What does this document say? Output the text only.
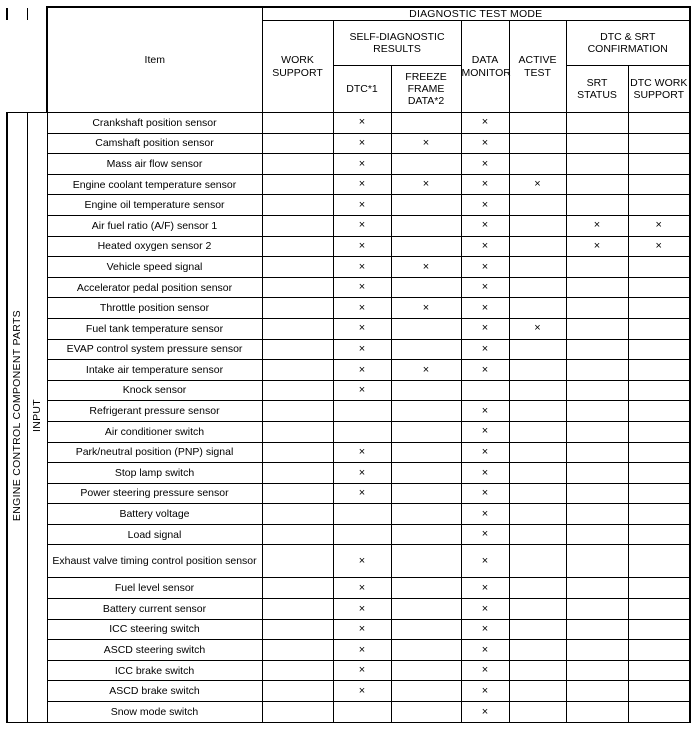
		Item	DIAGNOSTIC TEST MODE						
			WORK SUPPORT	SELF-DIAGNOSTIC RESULTS		DATA MONITOR	ACTIVE TEST	DTC & SRT CONFIRMATION	
				DTC*1	FREEZE FRAME DATA*2			SRT STATUS	DTC WORK SUPPORT
ENGINE CONTROL COMPONENT PARTS	INPUT	Crankshaft position sensor		×		×			
		Camshaft position sensor		×	×	×			
		Mass air flow sensor		×		×			
		Engine coolant temperature sensor		×	×	×	×		
		Engine oil temperature sensor		×		×			
		Air fuel ratio (A/F) sensor 1		×		×		×	×
		Heated oxygen sensor 2		×		×		×	×
		Vehicle speed signal		×	×	×			
		Accelerator pedal position sensor		×		×			
		Throttle position sensor		×	×	×			
		Fuel tank temperature sensor		×		×	×		
		EVAP control system pressure sensor		×		×			
		Intake air temperature sensor		×	×	×			
		Knock sensor		×					
		Refrigerant pressure sensor				×			
		Air conditioner switch				×			
		Park/neutral position (PNP) signal		×		×			
		Stop lamp switch		×		×			
		Power steering pressure sensor		×		×			
		Battery voltage				×			
		Load signal				×			
		Exhaust valve timing control position sensor		×		×			
		Fuel level sensor		×		×			
		Battery current sensor		×		×			
		ICC steering switch		×		×			
		ASCD steering switch		×		×			
		ICC brake switch		×		×			
		ASCD brake switch		×		×			
		Snow mode switch				×			
